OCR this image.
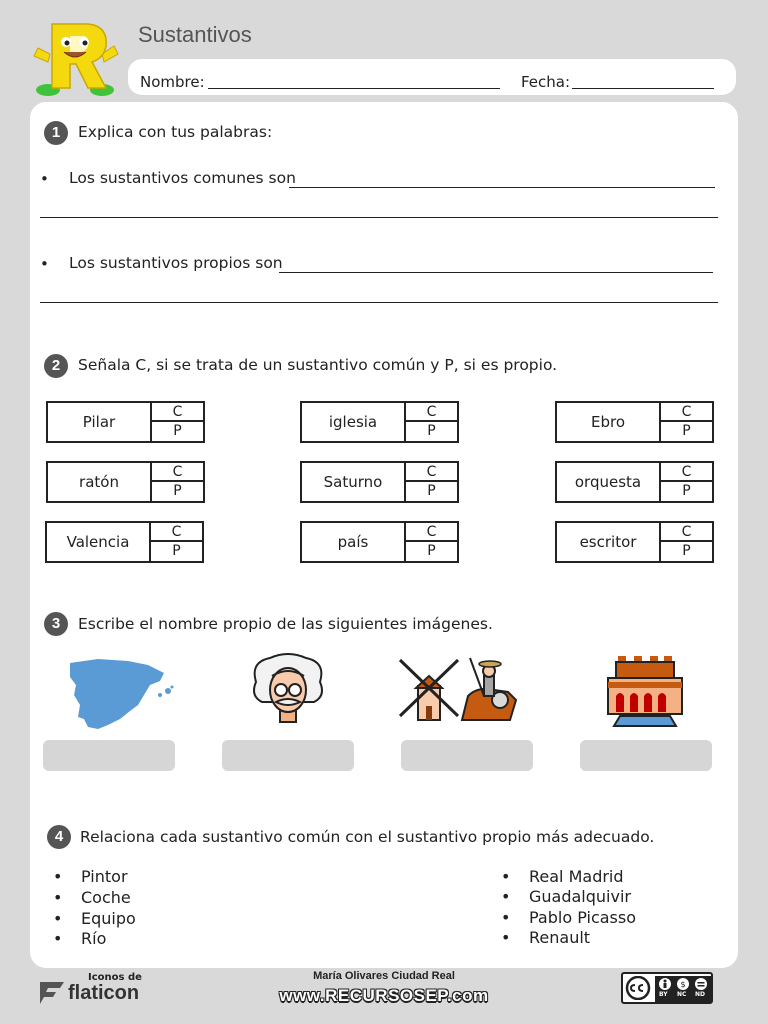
Sustantivos
Nombre:	Fecha:
1	Explica con tus palabras:
• Los sustantivos comunes son
• Los sustantivos propios son
2	Señala C, si se trata de un sustantivo común y P, si es propio.
Pilar
C
P	iglesia
C
P	Ebro
C
P
ratón
C
P	Saturno
C
P	orquesta
C
P
Valencia
C
P	país
C
P	escritor
C
P
3	Escribe el nombre propio de las siguientes imágenes.
4	Relaciona cada sustantivo común con el sustantivo propio más adecuado.
• Pintor
• Coche
• Equipo
• Río
• Real Madrid
• Guadalquivir
• Pablo Picasso
• Renault
Iconos de
flaticon
María Olivares Ciudad Real
www.RECURSOSEP.com
$
BY NC ND
